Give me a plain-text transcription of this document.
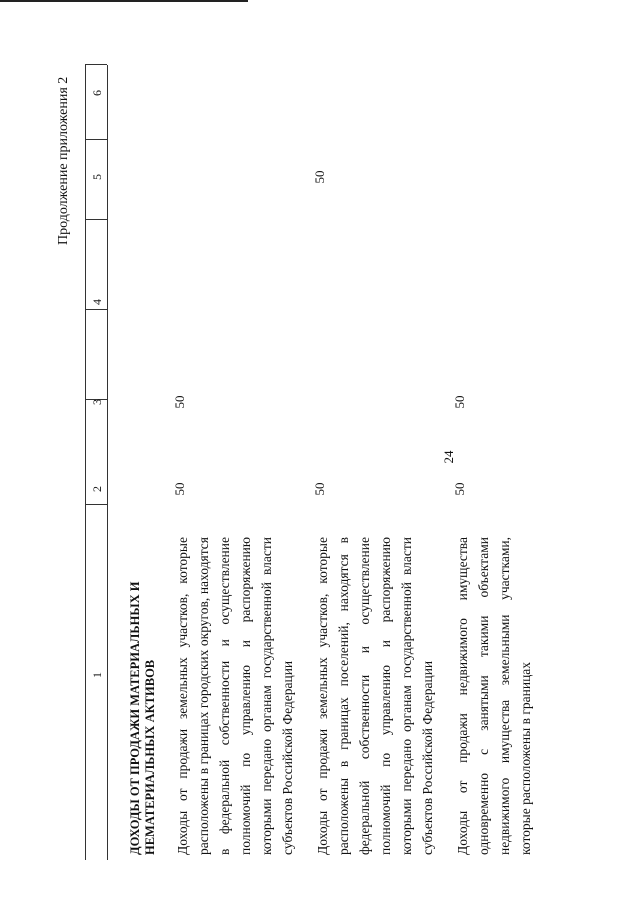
24
Продолжение приложения 2
1
2
3
4
5
6
ДОХОДЫ ОТ ПРОДАЖИ МАТЕРИАЛЬНЫХ И НЕМАТЕРИАЛЬНЫХ АКТИВОВ Доходы от продажи земельных участков, которые расположены в границах городских округов, находятся в федеральной собственности и осуществление полномочий по управлению и распоряжению которыми передано органам государственной власти субъектов Российской Федерации
50
50
Доходы от продажи земельных участков, которые расположены в границах поселений, находятся в федеральной собственности и осуществление полномочий по управлению и распоряжению которыми передано органам государственной власти субъектов Российской Федерации
50
50
Доходы от продажи недвижимого имущества одновременно с занятыми такими объектами недвижимого имущества земельными участками, которые расположены в границах
50
50
